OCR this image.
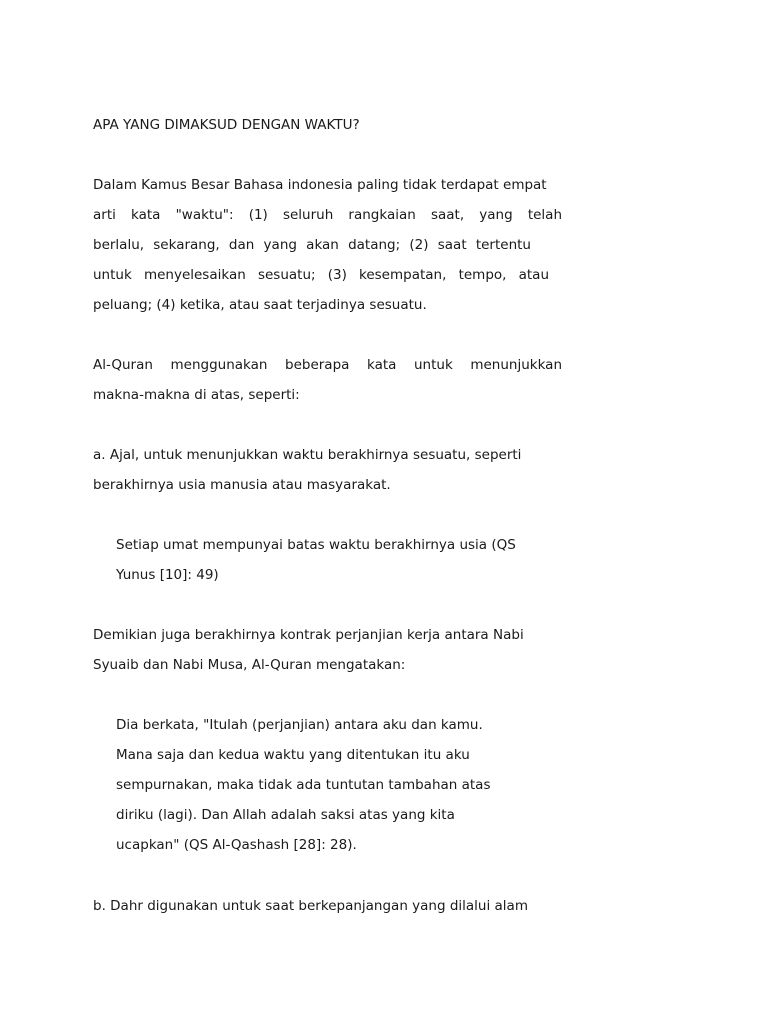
APA YANG DIMAKSUD DENGAN WAKTU?
Dalam Kamus Besar Bahasa indonesia paling tidak terdapat empat
arti kata "waktu": (1) seluruh rangkaian saat, yang telah
berlalu, sekarang, dan yang akan datang; (2) saat tertentu
untuk menyelesaikan sesuatu; (3) kesempatan, tempo, atau
peluang; (4) ketika, atau saat terjadinya sesuatu.
Al-Quran menggunakan beberapa kata untuk menunjukkan
makna-makna di atas, seperti:
a. Ajal, untuk menunjukkan waktu berakhirnya sesuatu, seperti
berakhirnya usia manusia atau masyarakat.
Setiap umat mempunyai batas waktu berakhirnya usia (QS
Yunus [10]: 49)
Demikian juga berakhirnya kontrak perjanjian kerja antara Nabi
Syuaib dan Nabi Musa, Al-Quran mengatakan:
Dia berkata, "Itulah (perjanjian) antara aku dan kamu.
Mana saja dan kedua waktu yang ditentukan itu aku
sempurnakan, maka tidak ada tuntutan tambahan atas
diriku (lagi). Dan Allah adalah saksi atas yang kita
ucapkan" (QS Al-Qashash [28]: 28).
b. Dahr digunakan untuk saat berkepanjangan yang dilalui alam
